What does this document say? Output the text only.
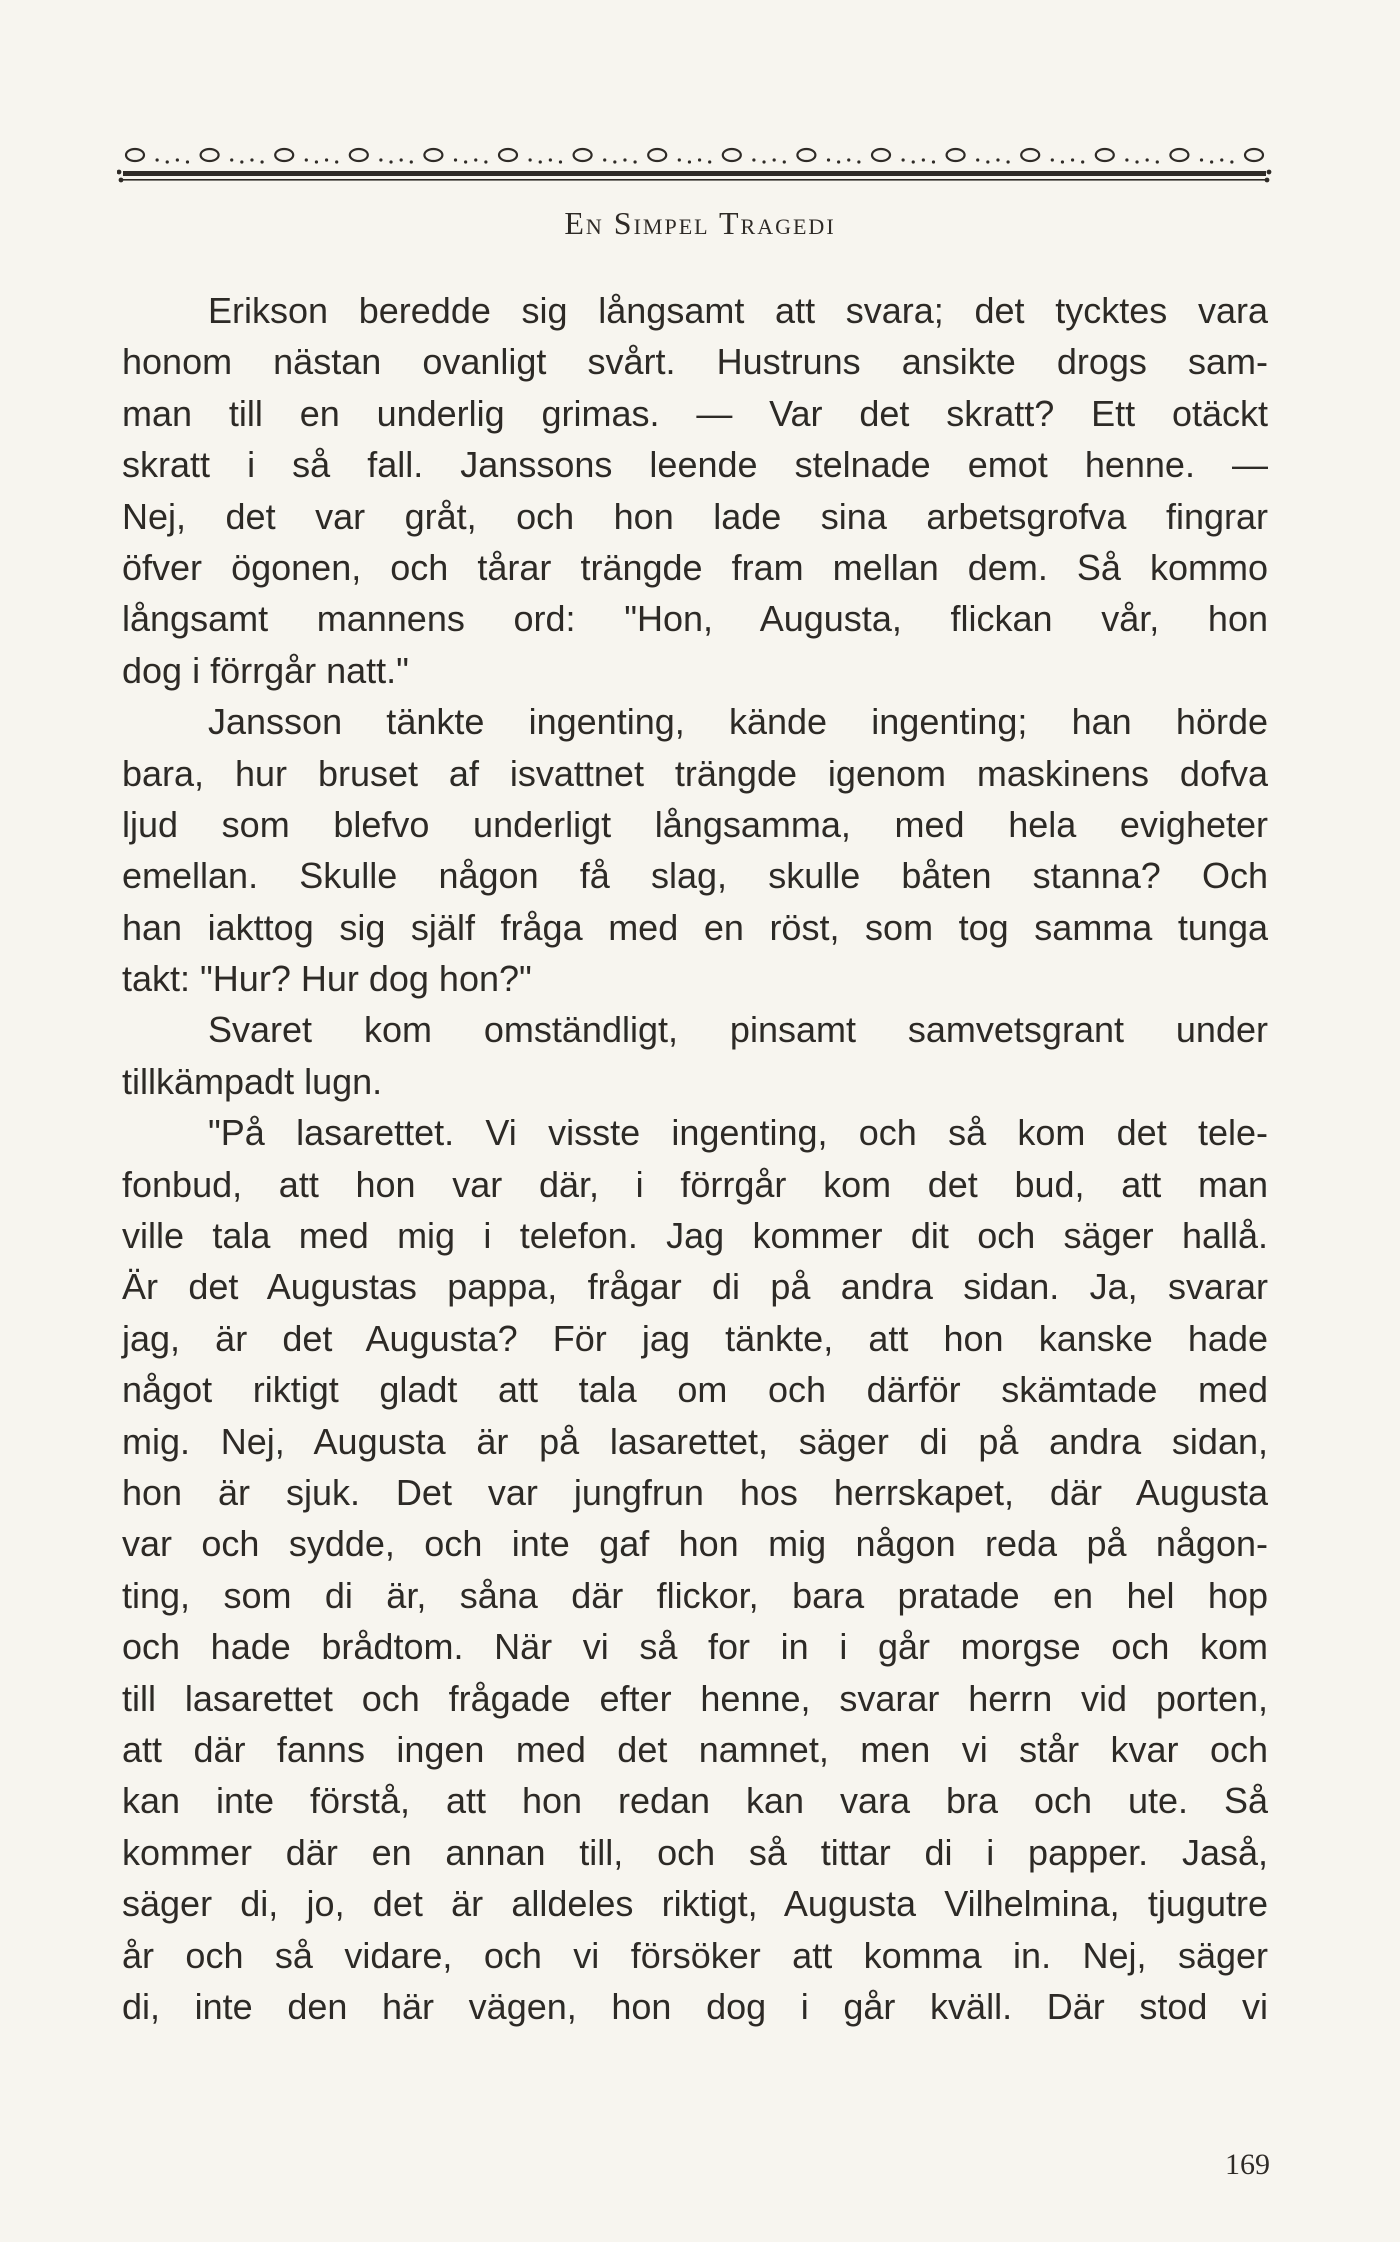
En Simpel Tragedi
Erikson beredde sig långsamt att svara; det tycktes vara
honom nästan ovanligt svårt. Hustruns ansikte drogs sam-
man till en underlig grimas. — Var det skratt? Ett otäckt
skratt i så fall. Janssons leende stelnade emot henne. —
Nej, det var gråt, och hon lade sina arbetsgrofva fingrar
öfver ögonen, och tårar trängde fram mellan dem. Så kommo
långsamt mannens ord: "Hon, Augusta, flickan vår, hon
dog i förrgår natt."
Jansson tänkte ingenting, kände ingenting; han hörde
bara, hur bruset af isvattnet trängde igenom maskinens dofva
ljud som blefvo underligt långsamma, med hela evigheter
emellan. Skulle någon få slag, skulle båten stanna? Och
han iakttog sig själf fråga med en röst, som tog samma tunga
takt: "Hur? Hur dog hon?"
Svaret kom omständligt, pinsamt samvetsgrant under
tillkämpadt lugn.
"På lasarettet. Vi visste ingenting, och så kom det tele-
fonbud, att hon var där, i förrgår kom det bud, att man
ville tala med mig i telefon. Jag kommer dit och säger hallå.
Är det Augustas pappa, frågar di på andra sidan. Ja, svarar
jag, är det Augusta? För jag tänkte, att hon kanske hade
något riktigt gladt att tala om och därför skämtade med
mig. Nej, Augusta är på lasarettet, säger di på andra sidan,
hon är sjuk. Det var jungfrun hos herrskapet, där Augusta
var och sydde, och inte gaf hon mig någon reda på någon-
ting, som di är, såna där flickor, bara pratade en hel hop
och hade brådtom. När vi så for in i går morgse och kom
till lasarettet och frågade efter henne, svarar herrn vid porten,
att där fanns ingen med det namnet, men vi står kvar och
kan inte förstå, att hon redan kan vara bra och ute. Så
kommer där en annan till, och så tittar di i papper. Jaså,
säger di, jo, det är alldeles riktigt, Augusta Vilhelmina, tjugutre
år och så vidare, och vi försöker att komma in. Nej, säger
di, inte den här vägen, hon dog i går kväll. Där stod vi
169
